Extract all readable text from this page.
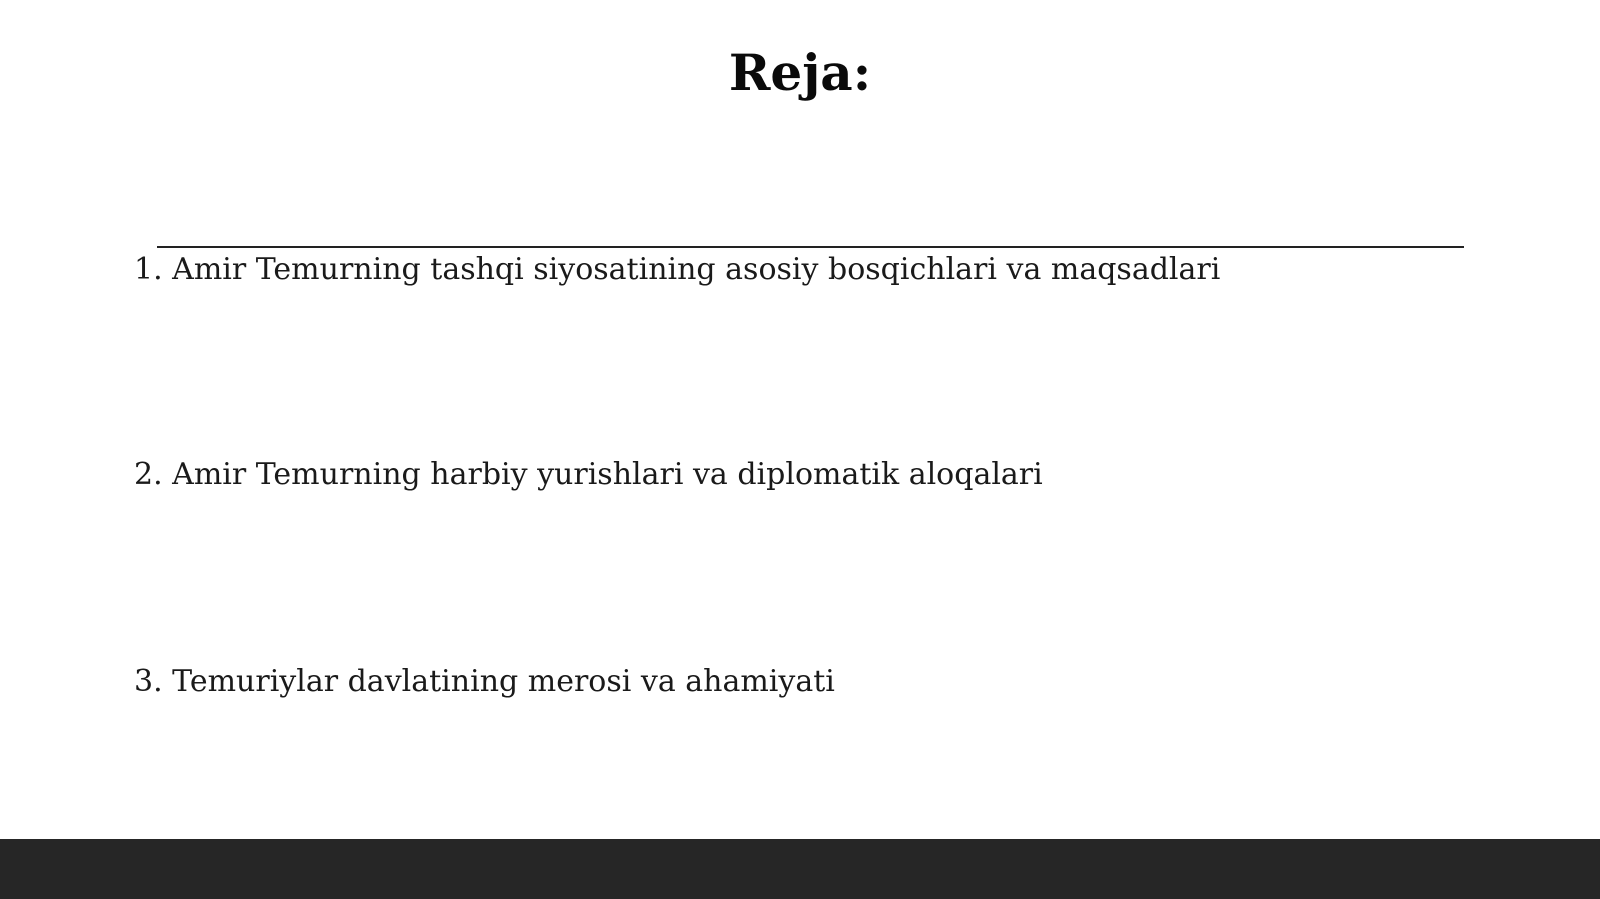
Reja:
1. Amir Temurning tashqi siyosatining asosiy bosqichlari va maqsadlari
2. Amir Temurning harbiy yurishlari va diplomatik aloqalari
3. Temuriylar davlatining merosi va ahamiyati
